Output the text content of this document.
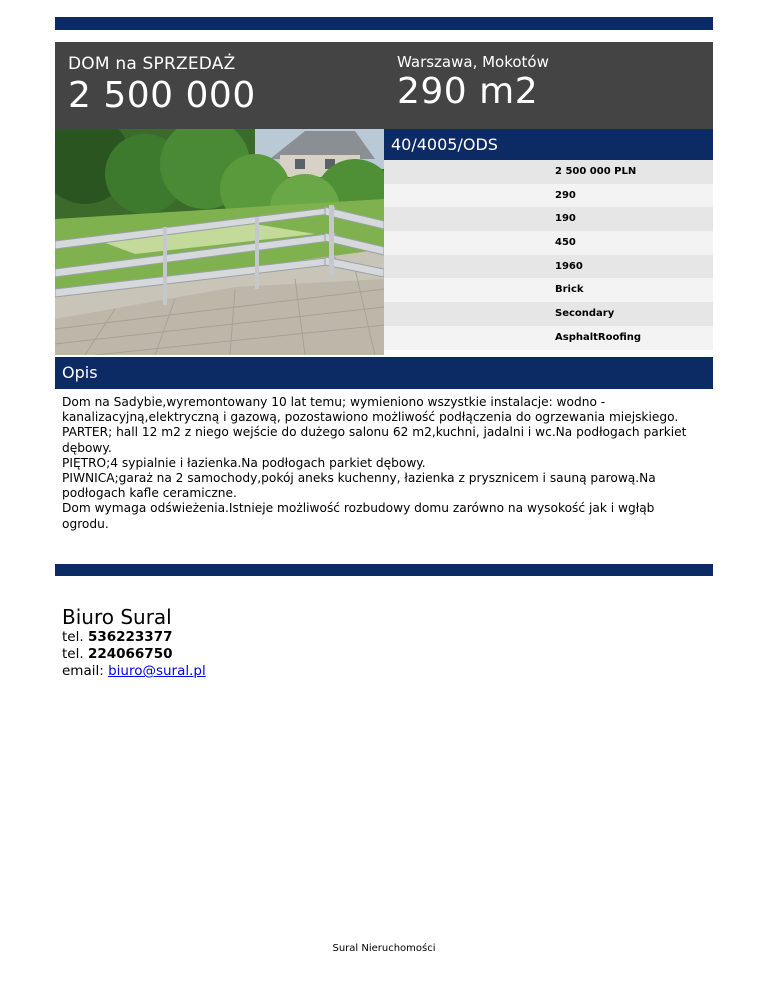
DOM na SPRZEDAŻ
2 500 000
Warszawa, Mokotów
290 m2
40/4005/ODS
2 500 000 PLN
290
190
450
1960
Brick
Secondary
AsphaltRoofing
Opis

Dom na Sadybie,wyremontowany 10 lat temu; wymieniono wszystkie instalacje: wodno -kanalizacyjną,elektryczną i gazową, pozostawiono możliwość podłączenia do ogrzewania miejskiego.

PARTER; hall 12 m2 z niego wejście do dużego salonu 62 m2,kuchni, jadalni i wc.Na podłogach parkiet dębowy.

PIĘTRO;4 sypialnie i łazienka.Na podłogach parkiet dębowy.

PIWNICA;garaż na 2 samochody,pokój aneks kuchenny, łazienka z prysznicem i sauną parową.Na podłogach kafle ceramiczne.

Dom wymaga odświeżenia.Istnieje możliwość rozbudowy domu zarówno na wysokość jak i wgłąb ogrodu.

Biuro Sural
tel. 536223377
tel. 224066750
email: biuro@sural.pl
Sural Nieruchomości
